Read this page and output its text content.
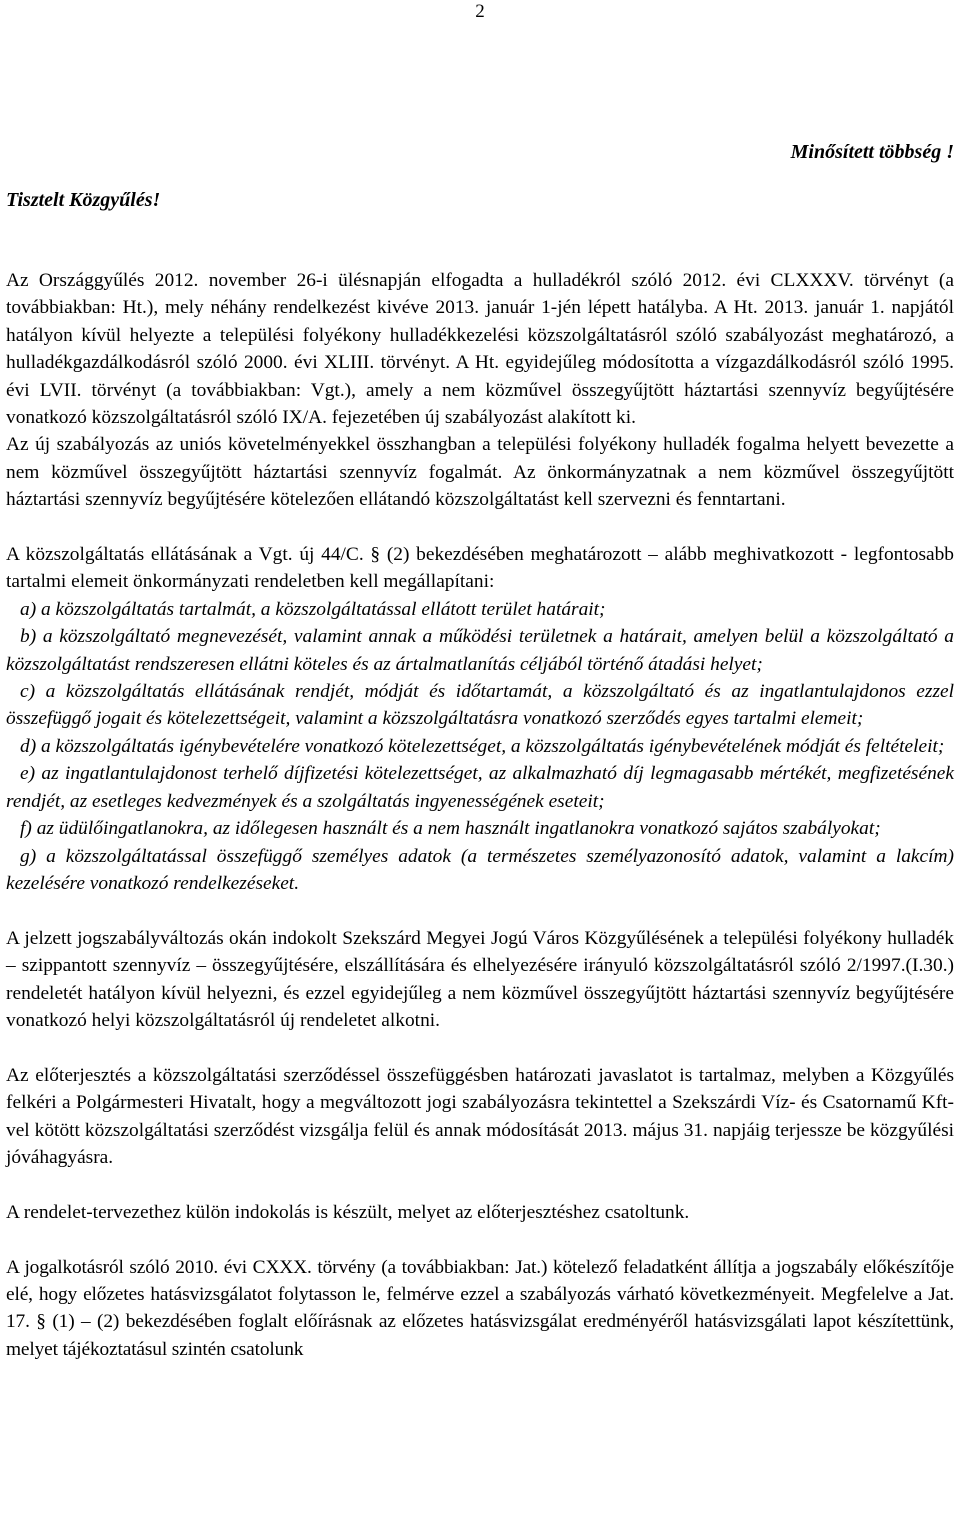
2
Minősített többség !
Tisztelt Közgyűlés!

Az Országgyűlés 2012. november 26-i ülésnapján elfogadta a hulladékról szóló 2012. évi CLXXXV. törvényt (a továbbiakban: Ht.), mely néhány rendelkezést kivéve 2013. január 1-jén lépett hatályba. A Ht. 2013. január 1. napjától hatályon kívül helyezte a települési folyékony hulladékkezelési közszolgáltatásról szóló szabályozást meghatározó, a hulladékgazdálkodásról szóló 2000. évi XLIII. törvényt. A Ht. egyidejűleg módosította a vízgazdálkodásról szóló 1995. évi LVII. törvényt (a továbbiakban: Vgt.), amely a nem közművel összegyűjtött háztartási szennyvíz begyűjtésére vonatkozó közszolgáltatásról szóló IX/A. fejezetében új szabályozást alakított ki.

Az új szabályozás az uniós követelményekkel összhangban a települési folyékony hulladék fogalma helyett bevezette a nem közművel összegyűjtött háztartási szennyvíz fogalmát. Az önkormányzatnak a nem közművel összegyűjtött háztartási szennyvíz begyűjtésére kötelezően ellátandó közszolgáltatást kell szervezni és fenntartani.

A közszolgáltatás ellátásának a Vgt. új 44/C. § (2) bekezdésében meghatározott – alább meghivatkozott - legfontosabb tartalmi elemeit önkormányzati rendeletben kell megállapítani:

a) a közszolgáltatás tartalmát, a közszolgáltatással ellátott terület határait;

b) a közszolgáltató megnevezését, valamint annak a működési területnek a határait, amelyen belül a közszolgáltató a közszolgáltatást rendszeresen ellátni köteles és az ártalmatlanítás céljából történő átadási helyet;

c) a közszolgáltatás ellátásának rendjét, módját és időtartamát, a közszolgáltató és az ingatlantulajdonos ezzel összefüggő jogait és kötelezettségeit, valamint a közszolgáltatásra vonatkozó szerződés egyes tartalmi elemeit;

d) a közszolgáltatás igénybevételére vonatkozó kötelezettséget, a közszolgáltatás igénybevételének módját és feltételeit;

e) az ingatlantulajdonost terhelő díjfizetési kötelezettséget, az alkalmazható díj legmagasabb mértékét, megfizetésének rendjét, az esetleges kedvezmények és a szolgáltatás ingyenességének eseteit;

f) az üdülőingatlanokra, az időlegesen használt és a nem használt ingatlanokra vonatkozó sajátos szabályokat;

g) a közszolgáltatással összefüggő személyes adatok (a természetes személyazonosító adatok, valamint a lakcím) kezelésére vonatkozó rendelkezéseket.

A jelzett jogszabályváltozás okán indokolt Szekszárd Megyei Jogú Város Közgyűlésének a települési folyékony hulladék – szippantott szennyvíz – összegyűjtésére, elszállítására és elhelyezésére irányuló közszolgáltatásról szóló 2/1997.(I.30.) rendeletét hatályon kívül helyezni, és ezzel egyidejűleg a nem közművel összegyűjtött háztartási szennyvíz begyűjtésére vonatkozó helyi közszolgáltatásról új rendeletet alkotni.

Az előterjesztés a közszolgáltatási szerződéssel összefüggésben határozati javaslatot is tartalmaz, melyben a Közgyűlés felkéri a Polgármesteri Hivatalt, hogy a megváltozott jogi szabályozásra tekintettel a Szekszárdi Víz- és Csatornamű Kft-vel kötött közszolgáltatási szerződést vizsgálja felül és annak módosítását 2013. május 31. napjáig terjessze be közgyűlési jóváhagyásra.

A rendelet-tervezethez külön indokolás is készült, melyet az előterjesztéshez csatoltunk.

A jogalkotásról szóló 2010. évi CXXX. törvény (a továbbiakban: Jat.) kötelező feladatként állítja a jogszabály előkészítője elé, hogy előzetes hatásvizsgálatot folytasson le, felmérve ezzel a szabályozás várható következményeit. Megfelelve a Jat. 17. § (1) – (2) bekezdésében foglalt előírásnak az előzetes hatásvizsgálat eredményéről hatásvizsgálati lapot készítettünk, melyet tájékoztatásul szintén csatolunk
